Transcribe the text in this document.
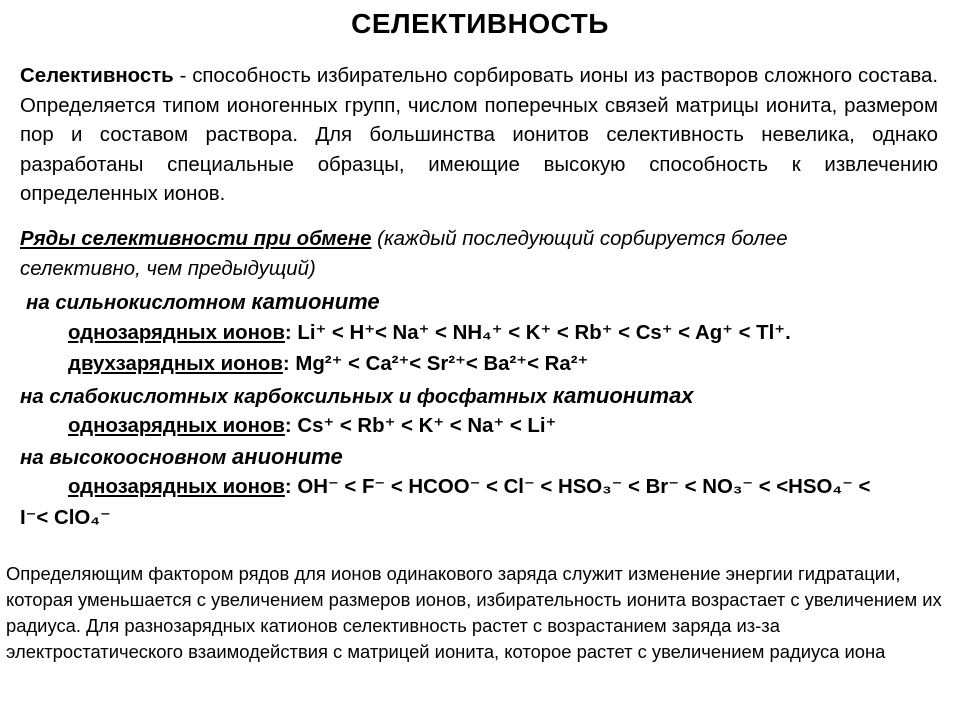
СЕЛЕКТИВНОСТЬ
Селективность - способность избирательно сорбировать ионы из растворов сложного состава. Определяется типом ионогенных групп, числом поперечных связей матрицы ионита, размером пор и составом раствора. Для большинства ионитов селективность невелика, однако разработаны специальные образцы, имеющие высокую способность к извлечению определенных ионов.
Ряды селективности при обмене (каждый последующий сорбируется более
селективно, чем предыдущий)
на сильнокислотном катионите
однозарядных ионов: Li⁺ ˂ H⁺˂ Na⁺ ˂ NH₄⁺ ˂ K⁺ ˂ Rb⁺ ˂ Cs⁺ ˂ Ag⁺ ˂ Tl⁺.
двухзарядных ионов: Mg²⁺ ˂ Ca²⁺˂ Sr²⁺˂ Ba²⁺˂ Ra²⁺
на слабокислотных карбоксильных и фосфатных катионитах
однозарядных ионов: Cs⁺ ˂ Rb⁺ ˂ K⁺ ˂ Na⁺ ˂ Li⁺
на высокоосновном анионите
однозарядных ионов: OH⁻ ˂ F⁻ ˂ HCOO⁻ ˂ Cl⁻ ˂ HSO₃⁻ ˂ Br⁻ ˂ NO₃⁻ ˂ ˂HSO₄⁻ ˂
I⁻˂ ClO₄⁻
Определяющим фактором рядов для ионов одинакового заряда служит изменение энергии гидратации, которая уменьшается с увеличением размеров ионов, избирательность ионита возрастает с увеличением их радиуса. Для разнозарядных катионов селективность растет с возрастанием заряда из-за электростатического взаимодействия с матрицей ионита, которое растет с увеличением радиуса иона
